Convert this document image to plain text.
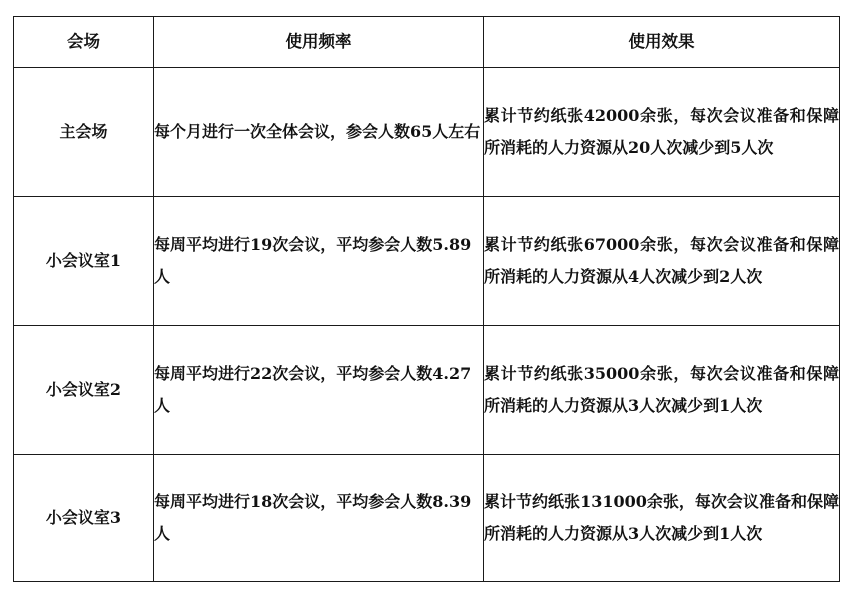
会场	使用频率	使用效果
主会场	每个月进行一次全体会议，参会人数65人左右	累计节约纸张42000余张，每次会议准备和保障所消耗的人力资源从20人次减少到5人次
小会议室1	每周平均进行19次会议，平均参会人数5.89人	累计节约纸张67000余张，每次会议准备和保障所消耗的人力资源从4人次减少到2人次
小会议室2	每周平均进行22次会议，平均参会人数4.27人	累计节约纸张35000余张，每次会议准备和保障所消耗的人力资源从3人次减少到1人次
小会议室3	每周平均进行18次会议，平均参会人数8.39人	累计节约纸张131000余张，每次会议准备和保障所消耗的人力资源从3人次减少到1人次
